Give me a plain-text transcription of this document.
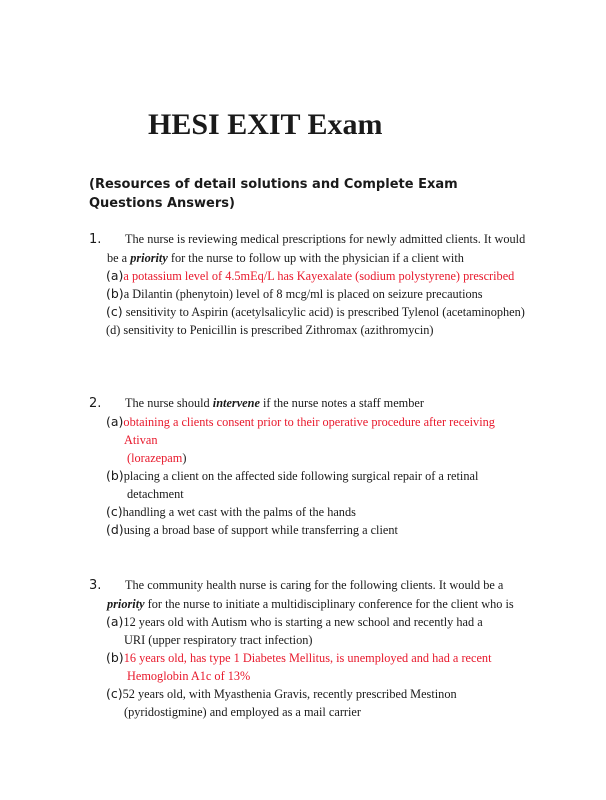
HESI EXIT Exam

(Resources of detail solutions and Complete Exam Questions Answers)

1. The nurse is reviewing medical prescriptions for newly admitted clients. It would
be a priority for the nurse to follow up with the physician if a client with
(a)a potassium level of 4.5mEq/L has Kayexalate (sodium polystyrene) prescribed
(b)a Dilantin (phenytoin) level of 8 mcg/ml is placed on seizure precautions
(c) sensitivity to Aspirin (acetylsalicylic acid) is prescribed Tylenol (acetaminophen)
(d) sensitivity to Penicillin is prescribed Zithromax (azithromycin)
2. The nurse should intervene if the nurse notes a staff member
(a)obtaining a clients consent prior to their operative procedure after receiving Ativan
(lorazepam)
(b)placing a client on the affected side following surgical repair of a retinal
detachment
(c)handling a wet cast with the palms of the hands
(d)using a broad base of support while transferring a client
3. The community health nurse is caring for the following clients. It would be a
priority for the nurse to initiate a multidisciplinary conference for the client who is
(a)12 years old with Autism who is starting a new school and recently had a
URI (upper respiratory tract infection)
(b)16 years old, has type 1 Diabetes Mellitus, is unemployed and had a recent
Hemoglobin A1c of 13%
(c)52 years old, with Myasthenia Gravis, recently prescribed Mestinon
(pyridostigmine) and employed as a mail carrier
